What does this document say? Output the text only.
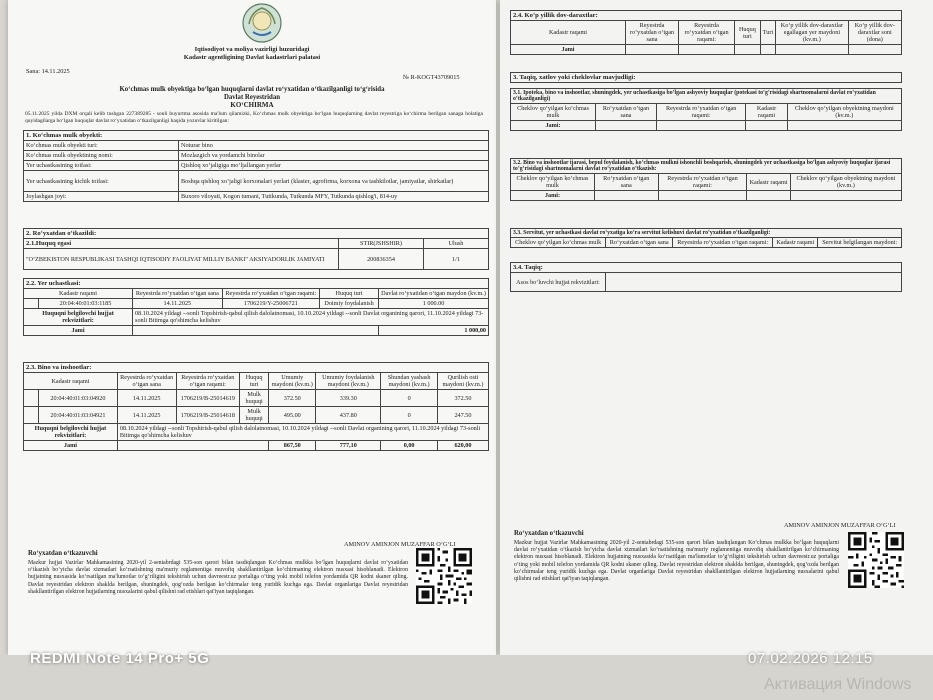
Iqtisodiyot va moliya vazirligi huzuridagi
Kadastr agentligining Davlat kadastrlari palatasi
Sana: 14.11.2025
№ R-KOGT43709015
Ko‘chmas mulk obyektiga bo‘lgan huquqlarni davlat ro‘yxatidan o‘tkazilganligi to‘g‘risida
Davlat Reyestridan
KO‘CHIRMA
05.11.2025 yilda DXM orqali kelib tushgan 227389285 - sonli buyurtma asosida ma'lum qilamizki, Ko‘chmas mulk obyektiga bo‘lgan huquqlarning davlat reyestriga ko‘chirma berilgan sanaga holatiga quyidagilarga bo‘lgan huquqlar davlat ro‘yxatidan o‘tkazilganligi haqida yozuvlar kiritilgan:
1. Ko‘chmas mulk obyekti:	
Ko‘chmas mulk obyekti turi:	Noturar bino
Ko‘chmas mulk obyektining nomi:	Mozlazgich va yordamchi binolar
Yer uchastkasining toifasi:	Qishloq xo‘jaligiga mo‘ljallangan yerlar
Yer uchastkasining kichik toifasi:	Boshqa qishloq xo‘jaligi korxonalari yerlari (klaster, agrofirma, korxona va tashkilotlar, jamiyatlar, shirkatlar)
Joylashgan joyi:	Buxoro viloyati, Kogon tumani, Tutikunda, Tutkunda MFY, Tutkunda qishlog'i, 814-uy
2. Ro‘yxatdan o‘tkazildi:		
2.1.Huquq egasi	STIR(JSHSHIR)	Ulush
"O‘ZBEKISTON RESPUBLIKASI TASHQI IQTISODIY FAOLIYAT MILLIY BANKI" AKSIYADORLIK JAMIYATI	200836354	1/1
2.2. Yer uchastkasi:					
Kadastr raqami		Reyestrda ro‘yxatdan o‘tgan sana	Reyestrda ro‘yxatdan o‘tgan raqami:	Huquq turi	Davlat ro‘yxatidan o‘tgan maydon (kv.m.)
	20:04:40:01:03:1185	14.11.2025	1706219/Y-25006721	Doimiy foydalanish	1 000.00
Huquqni belgilovchi hujjat rekvizitlari:		08.10.2024 yildagi --sonli Topshirish-qabul qilish dalolatnomasi, 10.10.2024 yildagi --sonli Davlat organining qarori, 11.10.2024 yildagi 73-sonli Bitimga qo'shimcha kelishuv			
Jami					1 000,00
2.3. Bino va inshootlar:								
Kadastr raqami		Reyestrda ro‘yxatdan o‘tgan sana	Reyestrda ro‘yxatdan o‘tgan raqami:	Huquq turi	Umumiy maydoni (kv.m.)	Umumiy foydalanish maydoni (kv.m.)	Shundan yashash maydoni (kv.m.)	Qurilish osti maydoni (kv.m.)
	20:04:40:01:03:04920	14.11.2025	1706219/B-25014619	Mulk huquqi	372.50	339.30	0	372.50
	20:04:40:01:03:04921	14.11.2025	1706219/B-25014618	Mulk huquqi	495.00	437.80	0	247.50
Huquqni belgilovchi hujjat rekvizitlari:		08.10.2024 yildagi --sonli Topshirish-qabul qilish dalolatnomasi, 10.10.2024 yildagi --sonli Davlat organining qarori, 11.10.2024 yildagi 73-sonli Bitimga qo'shimcha kelishuv						
Jami					867,50	777,10	0,00	620,00
AMINOV AMINJON MUZAFFAR O‘G‘LI
Ro‘yxatdan o‘tkazuvchi
Mazkur hujjat Vazirlar Mahkamasining 2020-yil 2-sentabrdagi 535-son qarori bilan tasdiqlangan Ko‘chmas mulkka bo‘lgan huquqlarni davlat ro‘yxatidan o‘tkazish bo‘yicha davlat xizmatlari ko‘rsatishning ma'muriy reglamentiga muvofiq shakllantirilgan ko‘chirmaning elektron nusxasi hisoblanadi. Elektron hujjatning nusxasida ko‘rsatilgan ma'lumotlar to‘g‘riligini tekshirish uchun davreestr.uz portaliga o‘ting yoki mobil telefon yordamida QR kodni skaner qiling. Davlat reyestridan elektron shaklda berilgan, shuningdek, qog‘ozda berilgan ko‘chirmalar teng yuridik kuchga ega. Davlat organlariga Davlat reyestridan shakllantirilgan elektron hujjatlarning nusxalarini qabul qilishni rad etishlari qat'iyan taqiqlangan.
2.4. Ko‘p yillik dov-daraxtlar:						
Kadastr raqami	Reyestrda ro‘yxatdan o‘tgan sana	Reyestrda ro‘yxatdan o‘tgan raqami:	Huquq turi	Turi	Ko‘p yillik dov-daraxtlar egallagan yer maydoni (kv.m.)	Ko‘p yillik dov-daraxtlar soni (dona)
Jami						
3. Taqiq, xatlov yoki cheklovlar mavjudligi:
3.1. Ipoteka, bino va inshootlar, shuningdek, yer uchastkasiga bo‘lgan ashyoviy huquqlar (potekasi to‘g‘risidagi shartnomalarni davlat ro‘yxatidan o‘tkazilganligi)				
Cheklov qo‘yilgan ko‘chmas mulk	Ro‘yxatdan o‘tgan sana	Reyestrda ro‘yxatdan o‘tgan raqami:	Kadastr raqami	Cheklov qo‘yilgan obyektning maydoni (kv.m.)
Jami:				
3.2. Bino va inshootlar ijarasi, bepul foydalanish, ko‘chmas mulkni ishonchli boshqarish, shuningdek yer uchastkasiga bo‘lgan ashyoviy huquqlar ijarasi to‘g‘risidagi shartnomalarni davlat ro‘yxatidan o‘tkazish:				
Cheklov qo‘yilgan ko‘chmas mulk	Ro‘yxatdan o‘tgan sana	Reyestrda ro‘yxatdan o‘tgan raqami:	Kadastr raqami	Cheklov qo‘yilgan obyektning maydoni (kv.m.)
Jami:				
3.3. Servitut, yer uchastkasi davlat ro‘yxatiga ko‘ra servitut kelishuvi davlat ro‘yxatidan o‘tkazilganligi:
Cheklov qo‘yilgan ko‘chmas mulk	Ro‘yxatdan o‘tgan sana	Reyestrda ro‘yxatdan o‘tgan raqami:	Kadastr raqami	Servitut belgilangan maydoni:
3.4. Taqiq:
Asos bo‘luvchi hujjat rekvizitlari:	
AMINOV AMINJON MUZAFFAR O‘G‘LI
Ro‘yxatdan o‘tkazuvchi
Mazkur hujjat Vazirlar Mahkamasining 2020-yil 2-sentabrdagi 535-son qarori bilan tasdiqlangan Ko‘chmas mulkka bo‘lgan huquqlarni davlat ro‘yxatidan o‘tkazish bo‘yicha davlat xizmatlari ko‘rsatishning ma'muriy reglamentiga muvofiq shakllantirilgan ko‘chirmaning elektron nusxasi hisoblanadi. Elektron hujjatning nusxasida ko‘rsatilgan ma'lumotlar to‘g‘riligini tekshirish uchun davreestr.uz portaliga o‘ting yoki mobil telefon yordamida QR kodni skaner qiling. Davlat reyestridan elektron shaklda berilgan, shuningdek, qog‘ozda berilgan ko‘chirmalar teng yuridik kuchga ega. Davlat organlariga Davlat reyestridan shakllantirilgan elektron hujjatlarning nusxalarini qabul qilishni rad etishlari qat'iyan taqiqlangan.
REDMI Note 14 Pro+ 5G	07.02.2026 12:15
Активация Windows
